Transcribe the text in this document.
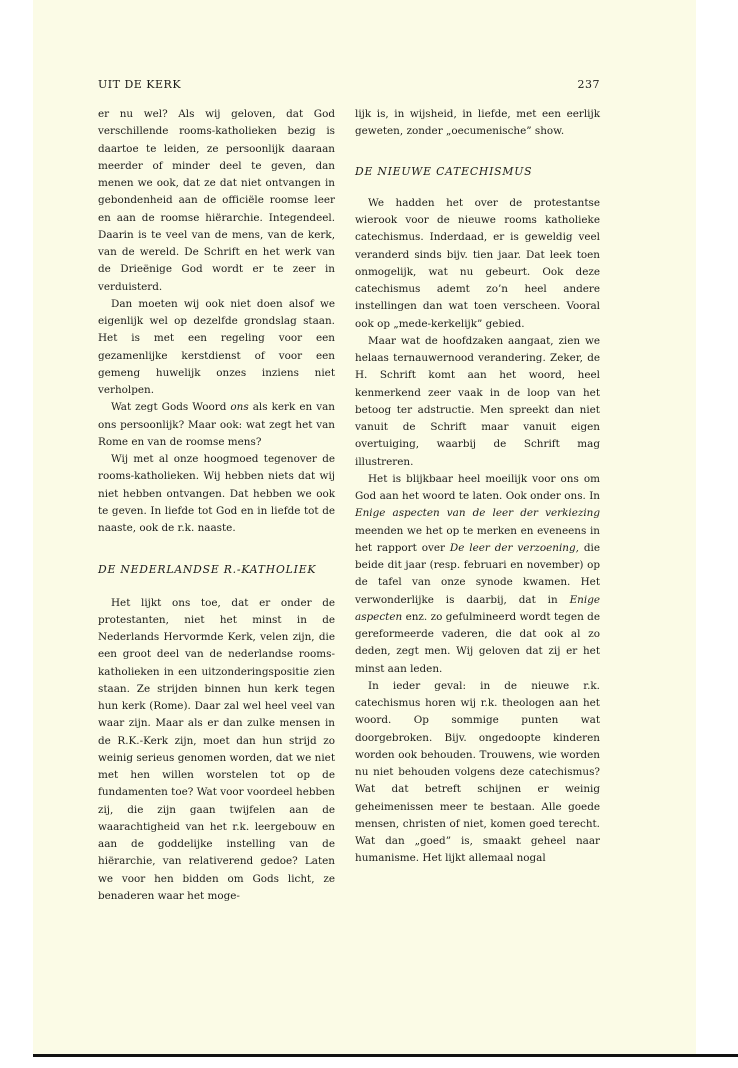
UIT DE KERK	237

er nu wel? Als wij geloven, dat God verschillende rooms-katholieken bezig is daartoe te leiden, ze persoonlijk daaraan meerder of minder deel te geven, dan menen we ook, dat ze dat niet ontvangen in gebondenheid aan de officiële roomse leer en aan de roomse hiërarchie. Integendeel. Daarin is te veel van de mens, van de kerk, van de wereld. De Schrift en het werk van de Drieënige God wordt er te zeer in verduisterd.

Dan moeten wij ook niet doen alsof we eigenlijk wel op dezelfde grondslag staan. Het is met een regeling voor een gezamenlijke kerstdienst of voor een gemeng huwelijk onzes inziens niet verholpen.

Wat zegt Gods Woord ons als kerk en van ons persoonlijk? Maar ook: wat zegt het van Rome en van de roomse mens?

Wij met al onze hoogmoed tegenover de rooms-katholieken. Wij hebben niets dat wij niet hebben ontvangen. Dat hebben we ook te geven. In liefde tot God en in liefde tot de naaste, ook de r.k. naaste.

DE NEDERLANDSE R.-KATHOLIEK

Het lijkt ons toe, dat er onder de protestanten, niet het minst in de Nederlands Hervormde Kerk, velen zijn, die een groot deel van de nederlandse rooms-katholieken in een uitzonderingspositie zien staan. Ze strijden binnen hun kerk tegen hun kerk (Rome). Daar zal wel heel veel van waar zijn. Maar als er dan zulke mensen in de R.K.-Kerk zijn, moet dan hun strijd zo weinig serieus genomen worden, dat we niet met hen willen worstelen tot op de fundamenten toe? Wat voor voordeel hebben zij, die zijn gaan twijfelen aan de waarachtigheid van het r.k. leergebouw en aan de goddelijke instelling van de hiërarchie, van relativerend gedoe? Laten we voor hen bidden om Gods licht, ze benaderen waar het moge-

lijk is, in wijsheid, in liefde, met een eerlijk geweten, zonder „oecumenische” show.

DE NIEUWE CATECHISMUS

We hadden het over de protestantse wierook voor de nieuwe rooms katholieke catechismus. Inderdaad, er is geweldig veel veranderd sinds bijv. tien jaar. Dat leek toen onmogelijk, wat nu gebeurt. Ook deze catechismus ademt zo’n heel andere instellingen dan wat toen verscheen. Vooral ook op „mede-kerkelijk” gebied.

Maar wat de hoofdzaken aangaat, zien we helaas ternauwernood verandering. Zeker, de H. Schrift komt aan het woord, heel kenmerkend zeer vaak in de loop van het betoog ter adstructie. Men spreekt dan niet vanuit de Schrift maar vanuit eigen overtuiging, waarbij de Schrift mag illustreren.

Het is blijkbaar heel moeilijk voor ons om God aan het woord te laten. Ook onder ons. In Enige aspecten van de leer der verkiezing meenden we het op te merken en eveneens in het rapport over De leer der verzoening, die beide dit jaar (resp. februari en november) op de tafel van onze synode kwamen. Het verwonderlijke is daarbij, dat in Enige aspecten enz. zo gefulmineerd wordt tegen de gereformeerde vaderen, die dat ook al zo deden, zegt men. Wij geloven dat zij er het minst aan leden.

In ieder geval: in de nieuwe r.k. catechismus horen wij r.k. theologen aan het woord. Op sommige punten wat doorgebroken. Bijv. ongedoopte kinderen worden ook behouden. Trouwens, wie worden nu niet behouden volgens deze catechismus? Wat dat betreft schijnen er weinig geheimenissen meer te bestaan. Alle goede mensen, christen of niet, komen goed terecht. Wat dan „goed” is, smaakt geheel naar humanisme. Het lijkt allemaal nogal
